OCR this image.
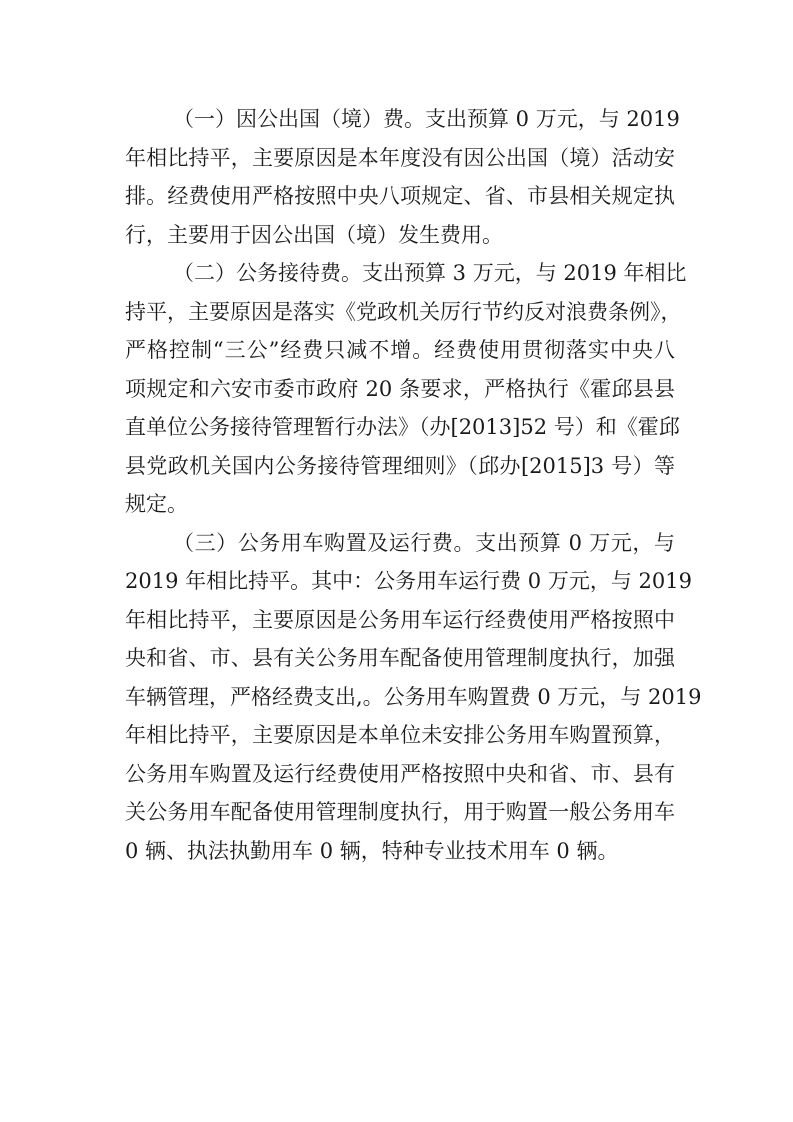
（一）因公出国（境）费。支出预算 0 万元，与 2019
年相比持平，主要原因是本年度没有因公出国（境）活动安
排。经费使用严格按照中央八项规定、省、市县相关规定执
行，主要用于因公出国（境）发生费用。
（二）公务接待费。支出预算 3 万元，与 2019 年相比
持平，主要原因是落实《党政机关厉行节约反对浪费条例》，
严格控制“三公”经费只减不增。经费使用贯彻落实中央八
项规定和六安市委市政府 20 条要求，严格执行《霍邱县县
直单位公务接待管理暂行办法》（办[2013]52 号）和《霍邱
县党政机关国内公务接待管理细则》（邱办[2015]3 号）等
规定。
（三）公务用车购置及运行费。支出预算 0 万元，与
2019 年相比持平。其中：公务用车运行费 0 万元，与 2019
年相比持平，主要原因是公务用车运行经费使用严格按照中
央和省、市、县有关公务用车配备使用管理制度执行，加强
车辆管理，严格经费支出,。公务用车购置费 0 万元，与 2019
年相比持平，主要原因是本单位未安排公务用车购置预算，
公务用车购置及运行经费使用严格按照中央和省、市、县有
关公务用车配备使用管理制度执行，用于购置一般公务用车
0 辆、执法执勤用车 0 辆，特种专业技术用车 0 辆。
